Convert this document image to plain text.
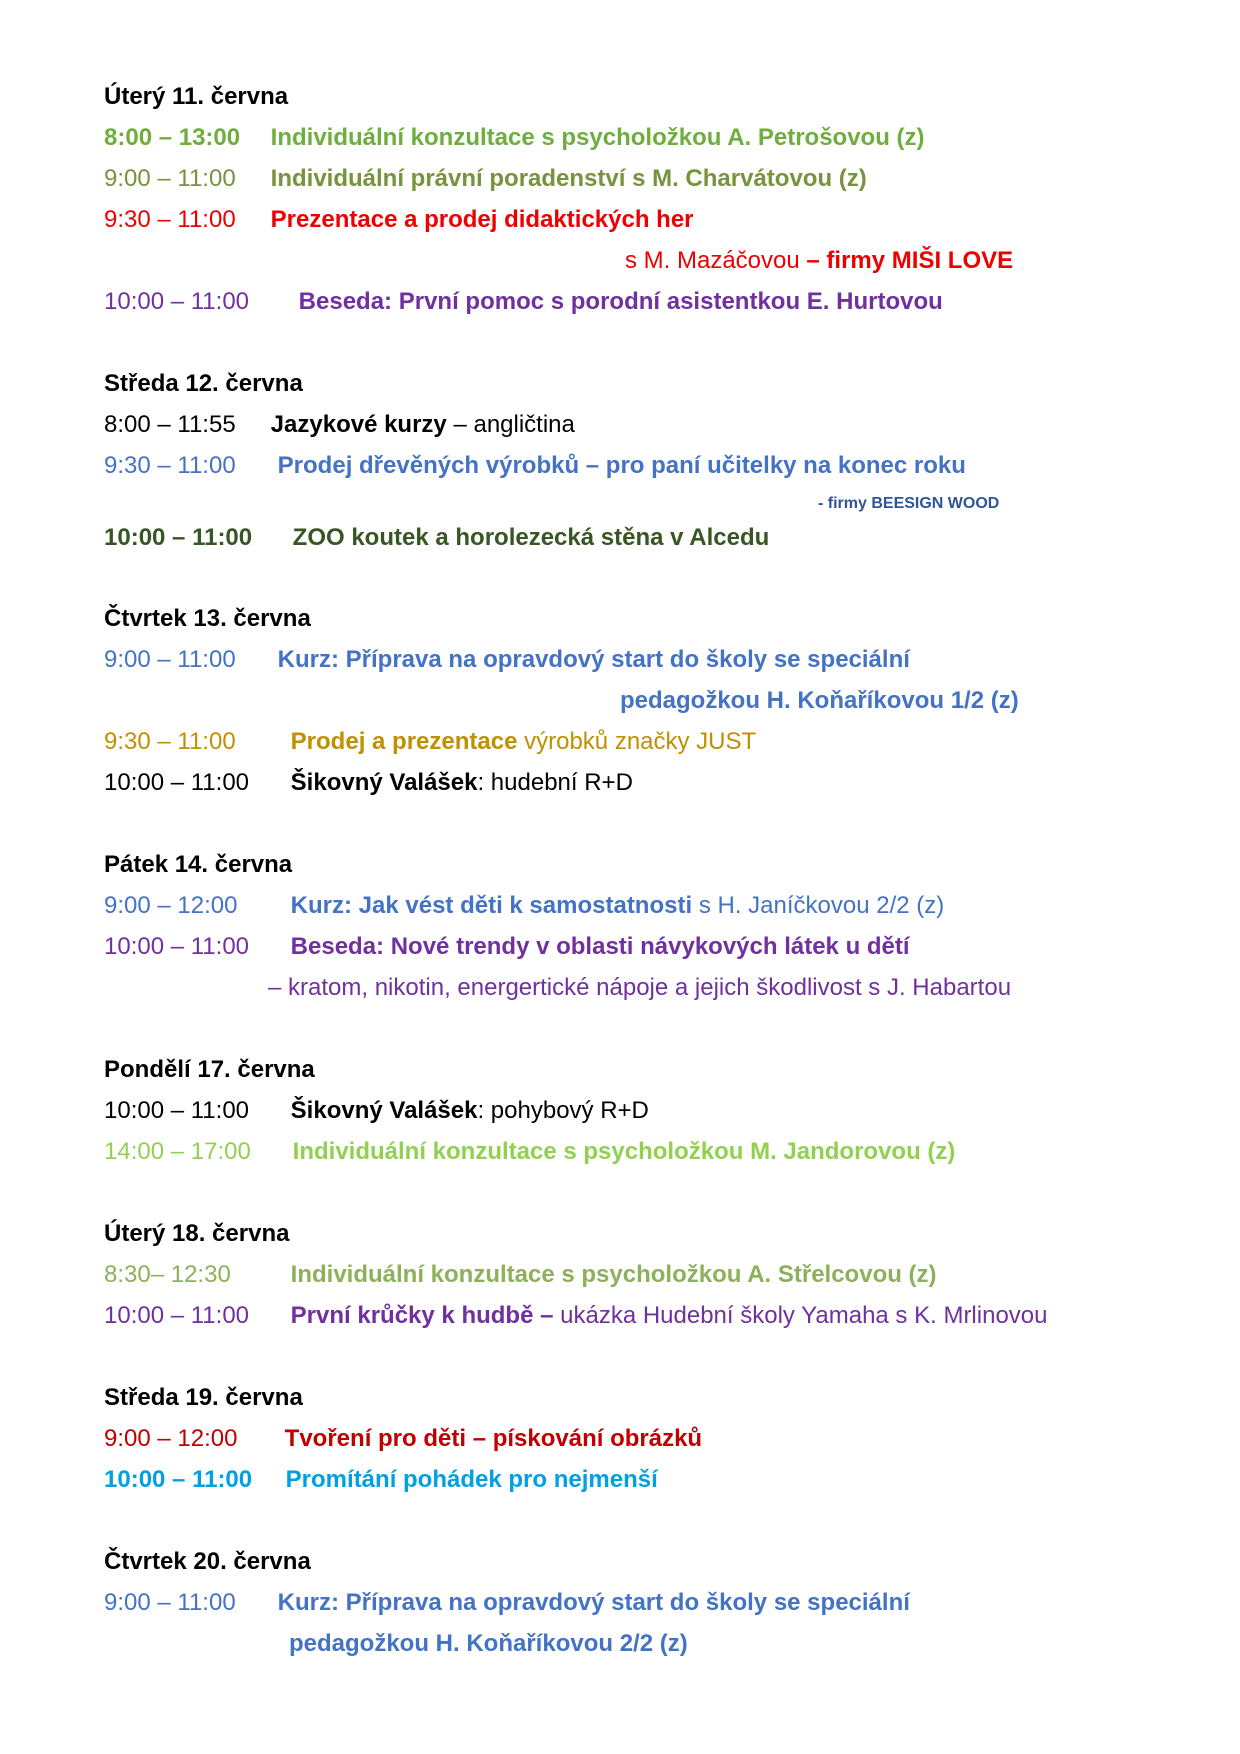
Úterý 11. června
8:00 – 13:00 Individuální konzultace s psycholožkou A. Petrošovou (z)
9:00 – 11:00 Individuální právní poradenství s M. Charvátovou (z)
9:30 – 11:00 Prezentace a prodej didaktických her
s M. Mazáčovou – firmy MIŠI LOVE
10:00 – 11:00 Beseda: První pomoc s porodní asistentkou E. Hurtovou
Středa 12. června
8:00 – 11:55 Jazykové kurzy – angličtina
9:30 – 11:00 Prodej dřevěných výrobků – pro paní učitelky na konec roku
- firmy BEESIGN WOOD
10:00 – 11:00 ZOO koutek a horolezecká stěna v Alcedu
Čtvrtek 13. června
9:00 – 11:00 Kurz: Příprava na opravdový start do školy se speciální
pedagožkou H. Koňaříkovou 1/2 (z)
9:30 – 11:00 Prodej a prezentace výrobků značky JUST
10:00 – 11:00 Šikovný Valášek: hudební R+D
Pátek 14. června
9:00 – 12:00 Kurz: Jak vést děti k samostatnosti s H. Janíčkovou 2/2 (z)
10:00 – 11:00 Beseda: Nové trendy v oblasti návykových látek u dětí
– kratom, nikotin, energertické nápoje a jejich škodlivost s J. Habartou
Pondělí 17. června
10:00 – 11:00 Šikovný Valášek: pohybový R+D
14:00 – 17:00 Individuální konzultace s psycholožkou M. Jandorovou (z)
Úterý 18. června
8:30– 12:30 Individuální konzultace s psycholožkou A. Střelcovou (z)
10:00 – 11:00 První krůčky k hudbě – ukázka Hudební školy Yamaha s K. Mrlinovou
Středa 19. června
9:00 – 12:00 Tvoření pro děti – pískování obrázků
10:00 – 11:00 Promítání pohádek pro nejmenší
Čtvrtek 20. června
9:00 – 11:00 Kurz: Příprava na opravdový start do školy se speciální
pedagožkou H. Koňaříkovou 2/2 (z)
